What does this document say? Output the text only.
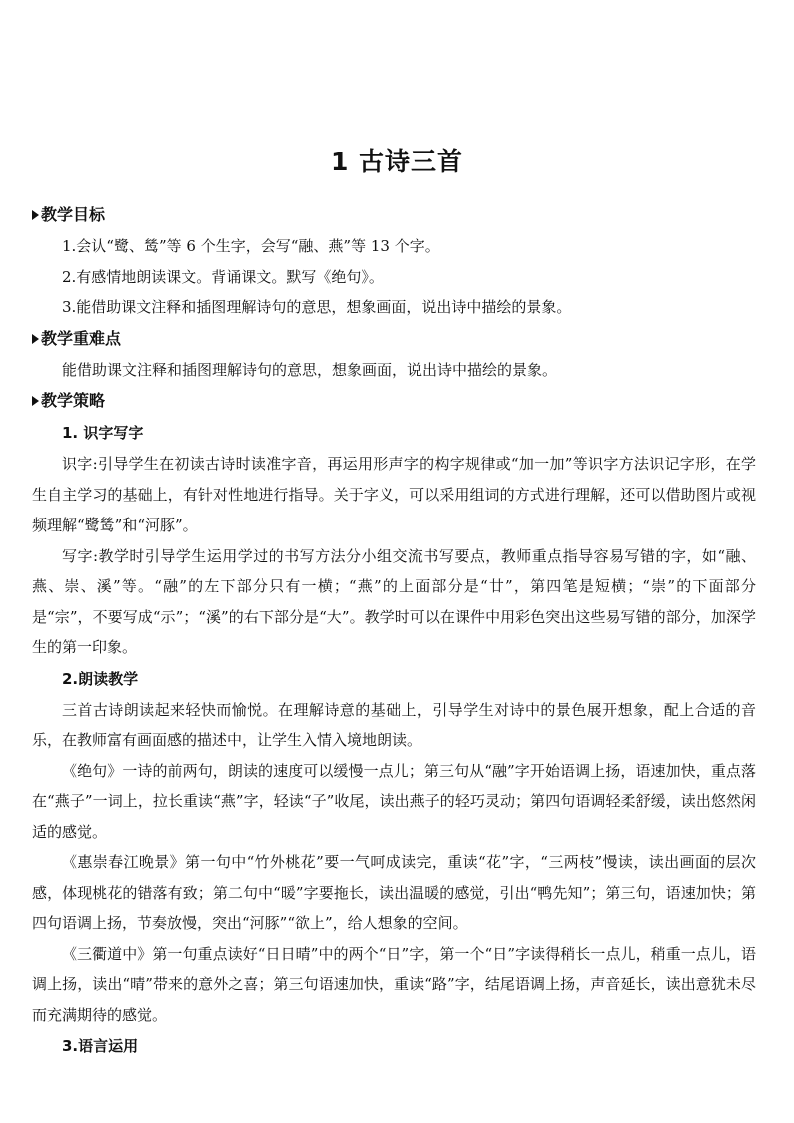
1 古诗三首
教学目标
1.会认“鹭、鸶”等 6 个生字，会写“融、燕”等 13 个字。
2.有感情地朗读课文。背诵课文。默写《绝句》。
3.能借助课文注释和插图理解诗句的意思，想象画面，说出诗中描绘的景象。
教学重难点

能借助课文注释和插图理解诗句的意思，想象画面，说出诗中描绘的景象。

教学策略
1. 识字写字

识字:引导学生在初读古诗时读准字音，再运用形声字的构字规律或“加一加”等识字方法识记字形，在学生自主学习的基础上，有针对性地进行指导。关于字义，可以采用组词的方式进行理解，还可以借助图片或视频理解“鹭鸶”和“河豚”。

写字:教学时引导学生运用学过的书写方法分小组交流书写要点，教师重点指导容易写错的字，如“融、燕、崇、溪”等。“融”的左下部分只有一横；“燕”的上面部分是“廿”，第四笔是短横；“崇”的下面部分是“宗”，不要写成“示”；“溪”的右下部分是“大”。教学时可以在课件中用彩色突出这些易写错的部分，加深学生的第一印象。

2.朗读教学

三首古诗朗读起来轻快而愉悦。在理解诗意的基础上，引导学生对诗中的景色展开想象，配上合适的音乐，在教师富有画面感的描述中，让学生入情入境地朗读。

《绝句》一诗的前两句，朗读的速度可以缓慢一点儿；第三句从“融”字开始语调上扬，语速加快，重点落在“燕子”一词上，拉长重读“燕”字，轻读“子”收尾，读出燕子的轻巧灵动；第四句语调轻柔舒缓，读出悠然闲适的感觉。

《惠崇春江晚景》第一句中“竹外桃花”要一气呵成读完，重读“花”字，“三两枝”慢读，读出画面的层次感，体现桃花的错落有致；第二句中“暖”字要拖长，读出温暖的感觉，引出“鸭先知”；第三句，语速加快；第四句语调上扬，节奏放慢，突出“河豚”“欲上”，给人想象的空间。

《三衢道中》第一句重点读好“日日晴”中的两个“日”字，第一个“日”字读得稍长一点儿，稍重一点儿，语调上扬，读出“晴”带来的意外之喜；第三句语速加快，重读“路”字，结尾语调上扬，声音延长，读出意犹未尽而充满期待的感觉。

3.语言运用
